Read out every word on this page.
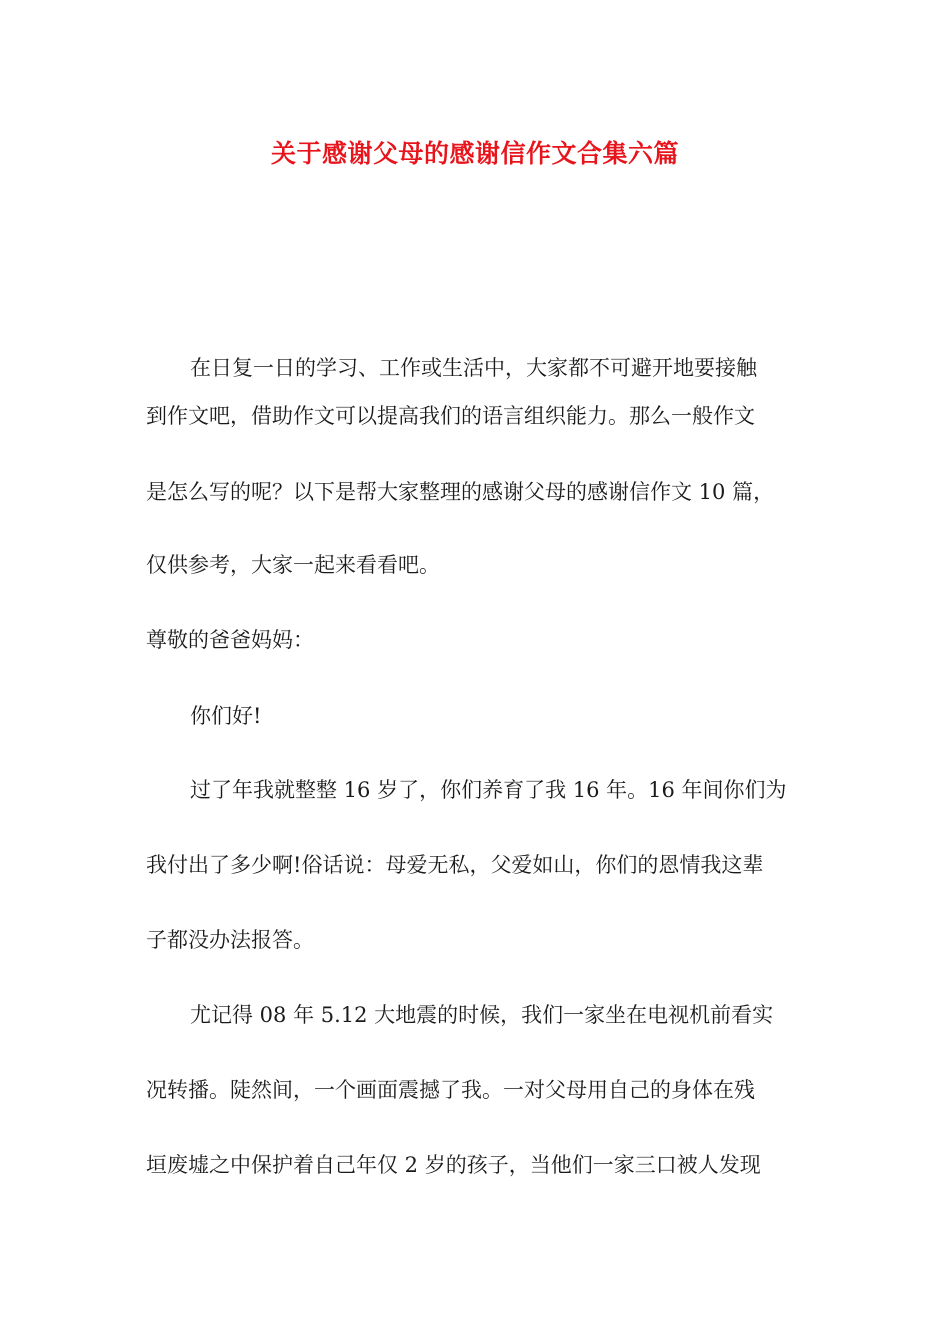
关于感谢父母的感谢信作文合集六篇
在日复一日的学习、工作或生活中，大家都不可避开地要接触
到作文吧，借助作文可以提高我们的语言组织能力。那么一般作文
是怎么写的呢？以下是帮大家整理的感谢父母的感谢信作文 10 篇，
仅供参考，大家一起来看看吧。
尊敬的爸爸妈妈：
你们好!
过了年我就整整 16 岁了，你们养育了我 16 年。16 年间你们为
我付出了多少啊!俗话说：母爱无私，父爱如山，你们的恩情我这辈
子都没办法报答。
尤记得 08 年 5.12 大地震的时候，我们一家坐在电视机前看实
况转播。陡然间，一个画面震撼了我。一对父母用自己的身体在残
垣废墟之中保护着自己年仅 2 岁的孩子，当他们一家三口被人发现
